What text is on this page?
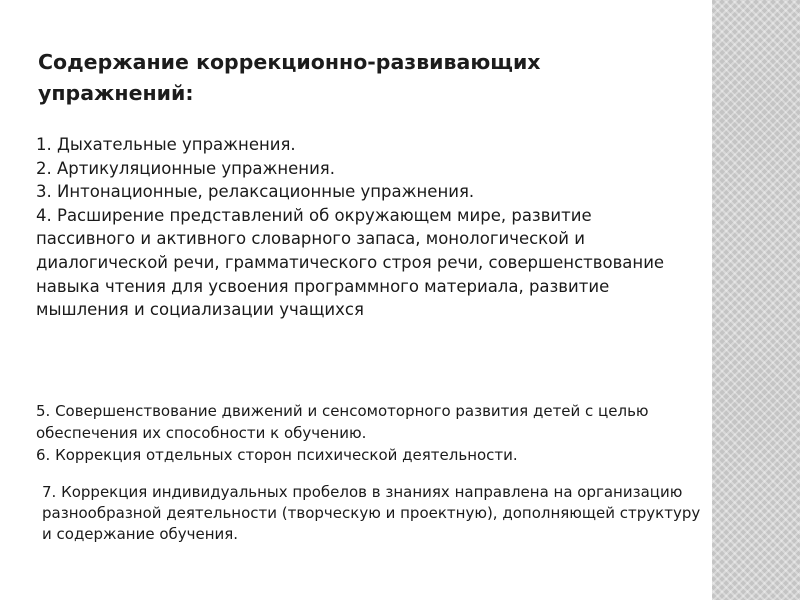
Содержание коррекционно-развивающих упражнений:
1. Дыхательные упражнения.
2. Артикуляционные упражнения.
3. Интонационные, релаксационные упражнения.
4. Расширение представлений об окружающем мире, развитие пассивного и активного словарного запаса, монологической и диалогической речи, грамматического строя речи, совершенствование навыка чтения для усвоения программного материала, развитие мышления и социализации учащихся
5. Совершенствование движений и сенсомоторного развития детей с целью обеспечения их способности к обучению.
6. Коррекция отдельных сторон психической деятельности.
7. Коррекция индивидуальных пробелов в знаниях направлена на организацию разнообразной деятельности (творческую и проектную), дополняющей структуру и содержание обучения.
